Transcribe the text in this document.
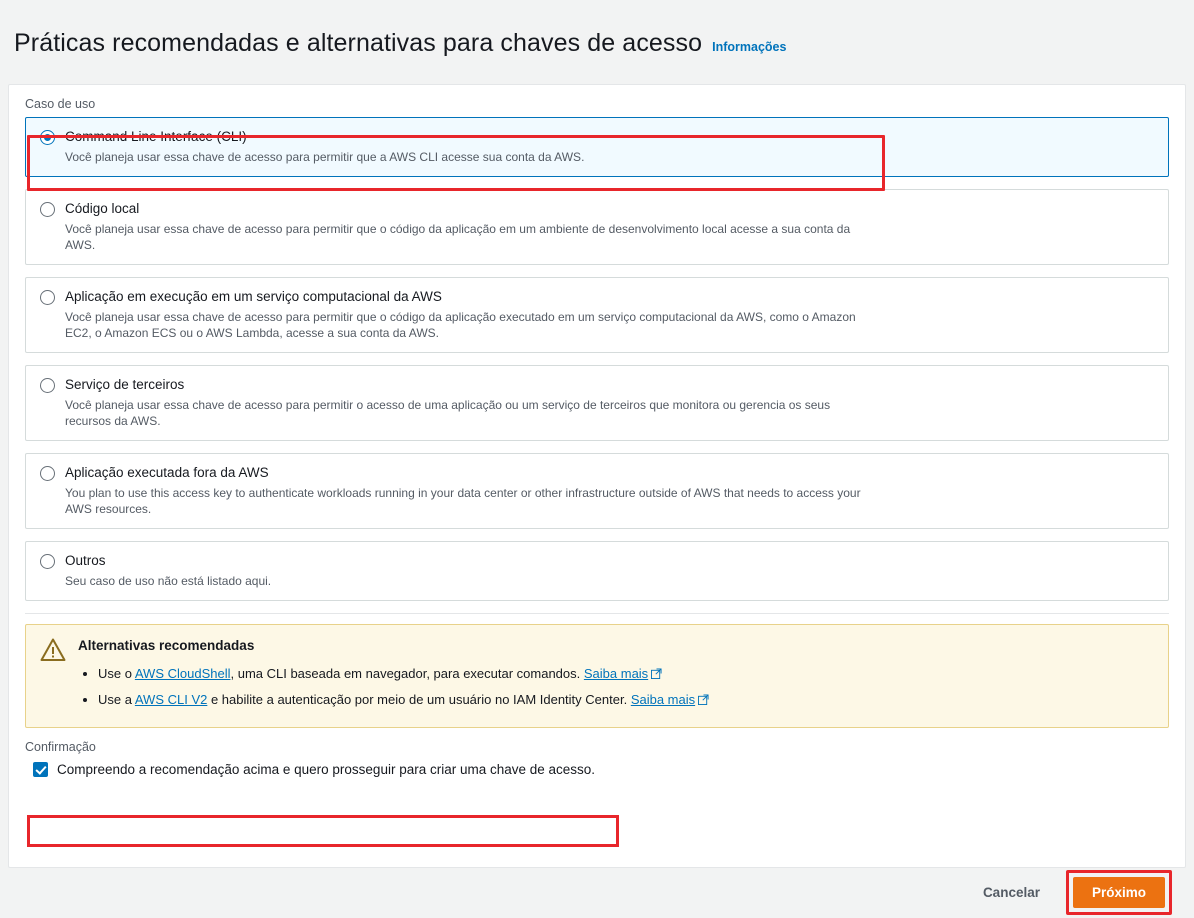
Práticas recomendadas e alternativas para chaves de acesso Informações
Caso de uso
Command Line Interface (CLI)
Você planeja usar essa chave de acesso para permitir que a AWS CLI acesse sua conta da AWS.
Código local
Você planeja usar essa chave de acesso para permitir que o código da aplicação em um ambiente de desenvolvimento local acesse a sua conta da AWS.
Aplicação em execução em um serviço computacional da AWS
Você planeja usar essa chave de acesso para permitir que o código da aplicação executado em um serviço computacional da AWS, como o Amazon EC2, o Amazon ECS ou o AWS Lambda, acesse a sua conta da AWS.
Serviço de terceiros
Você planeja usar essa chave de acesso para permitir o acesso de uma aplicação ou um serviço de terceiros que monitora ou gerencia os seus recursos da AWS.
Aplicação executada fora da AWS
You plan to use this access key to authenticate workloads running in your data center or other infrastructure outside of AWS that needs to access your AWS resources.
Outros
Seu caso de uso não está listado aqui.
Alternativas recomendadas
• Use o AWS CloudShell, uma CLI baseada em navegador, para executar comandos. Saiba mais
• Use a AWS CLI V2 e habilite a autenticação por meio de um usuário no IAM Identity Center. Saiba mais
Confirmação
Compreendo a recomendação acima e quero prosseguir para criar uma chave de acesso.
Cancelar	Próximo
